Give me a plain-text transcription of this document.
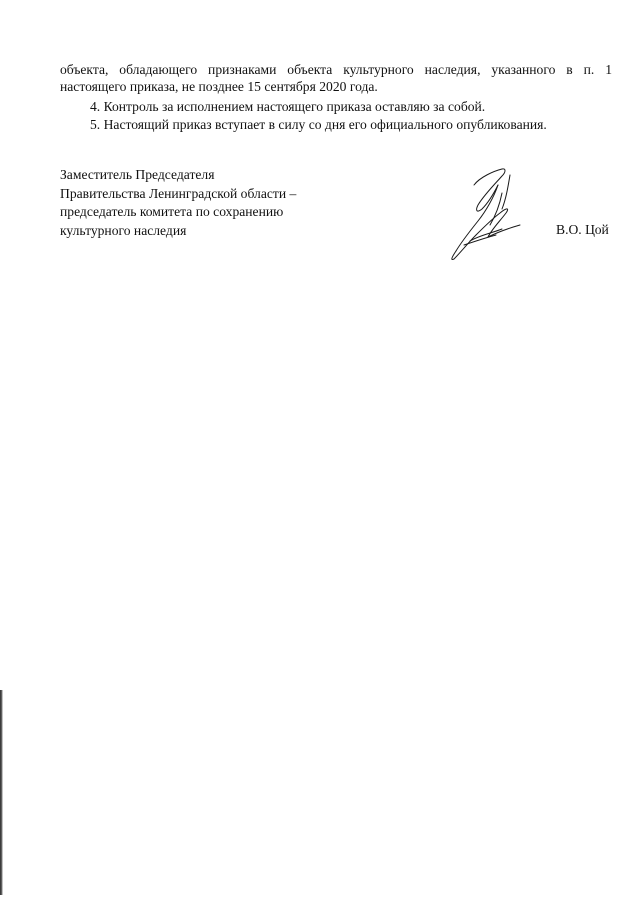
объекта, обладающего признаками объекта культурного наследия, указанного в п. 1
настоящего приказа, не позднее 15 сентября 2020 года.
4. Контроль за исполнением настоящего приказа оставляю за собой.
5. Настоящий приказ вступает в силу со дня его официального опубликования.
Заместитель Председателя
Правительства Ленинградской области –
председатель комитета по сохранению
культурного наследия	В.О. Цой
